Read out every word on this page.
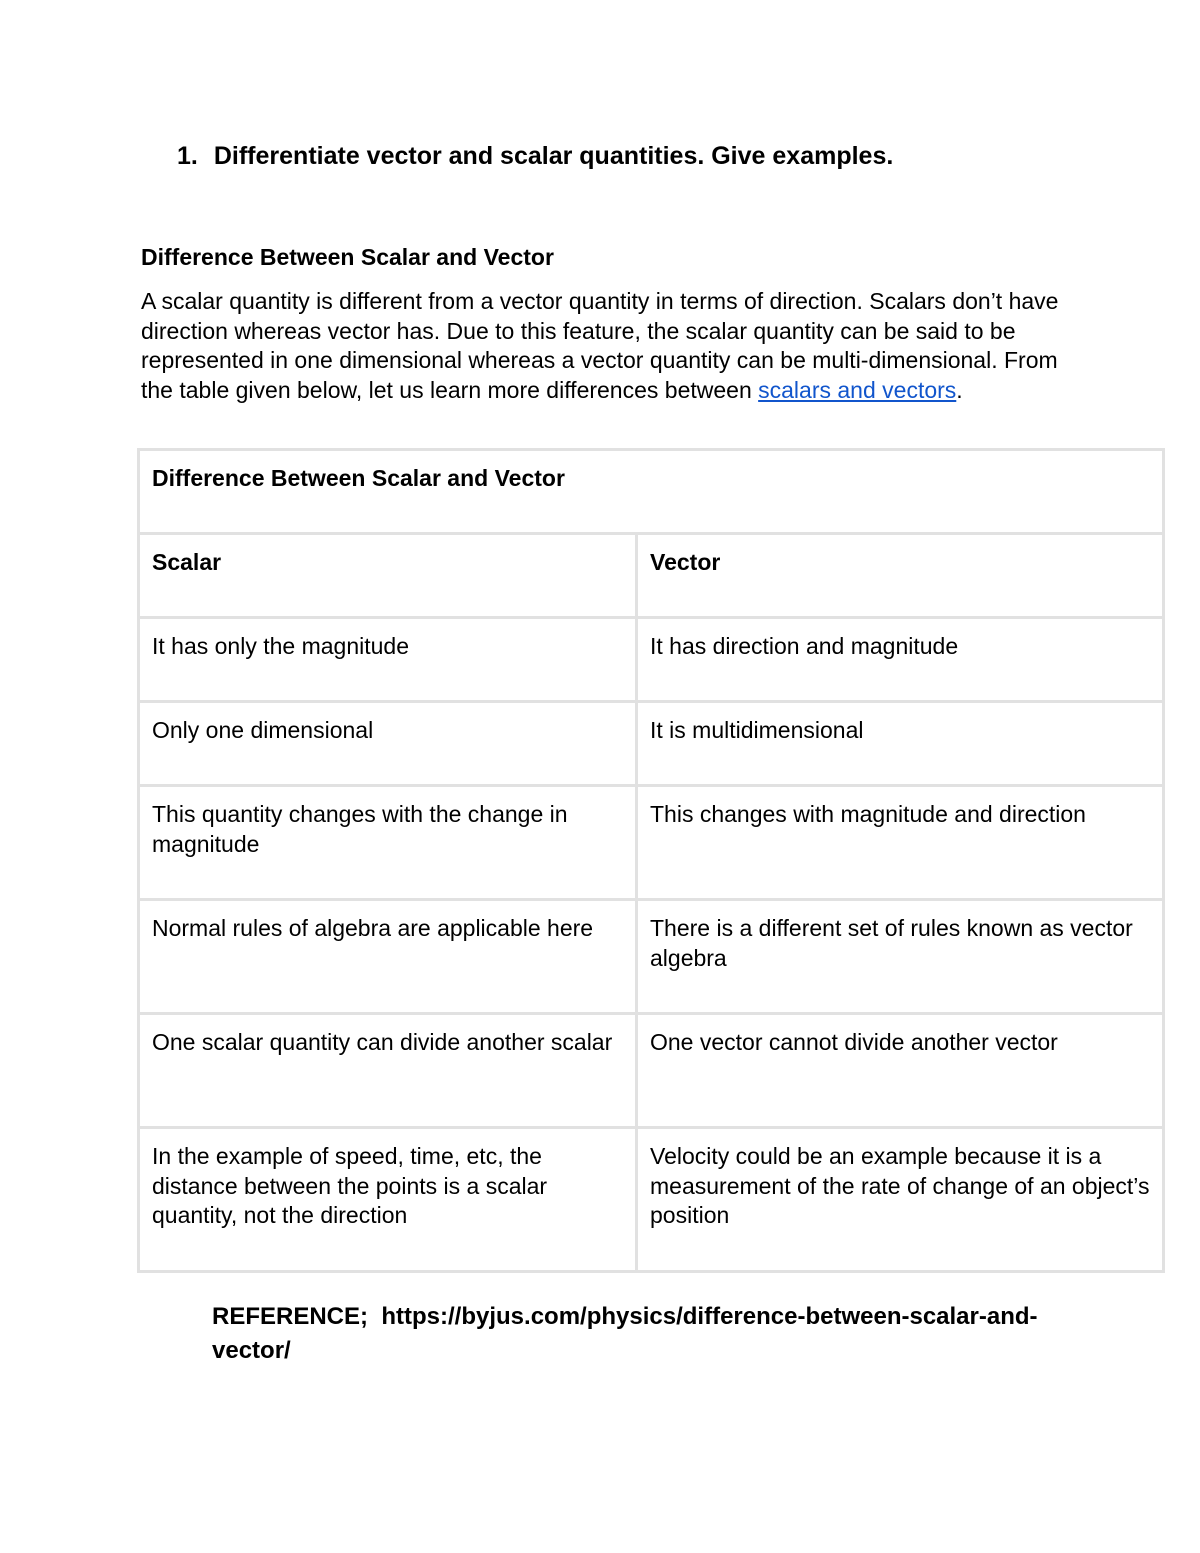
1. Differentiate vector and scalar quantities. Give examples.
Difference Between Scalar and Vector
A scalar quantity is different from a vector quantity in terms of direction. Scalars don’t have direction whereas vector has. Due to this feature, the scalar quantity can be said to be represented in one dimensional whereas a vector quantity can be multi-dimensional. From the table given below, let us learn more differences between scalars and vectors.
Difference Between Scalar and Vector	
Scalar	Vector
It has only the magnitude	It has direction and magnitude
Only one dimensional	It is multidimensional
This quantity changes with the change in magnitude	This changes with magnitude and direction
Normal rules of algebra are applicable here	There is a different set of rules known as vector algebra
One scalar quantity can divide another scalar	One vector cannot divide another vector
In the example of speed, time, etc, the distance between the points is a scalar quantity, not the direction	Velocity could be an example because it is a measurement of the rate of change of an object’s position
REFERENCE; https://byjus.com/physics/difference-between-scalar-and-vector/
